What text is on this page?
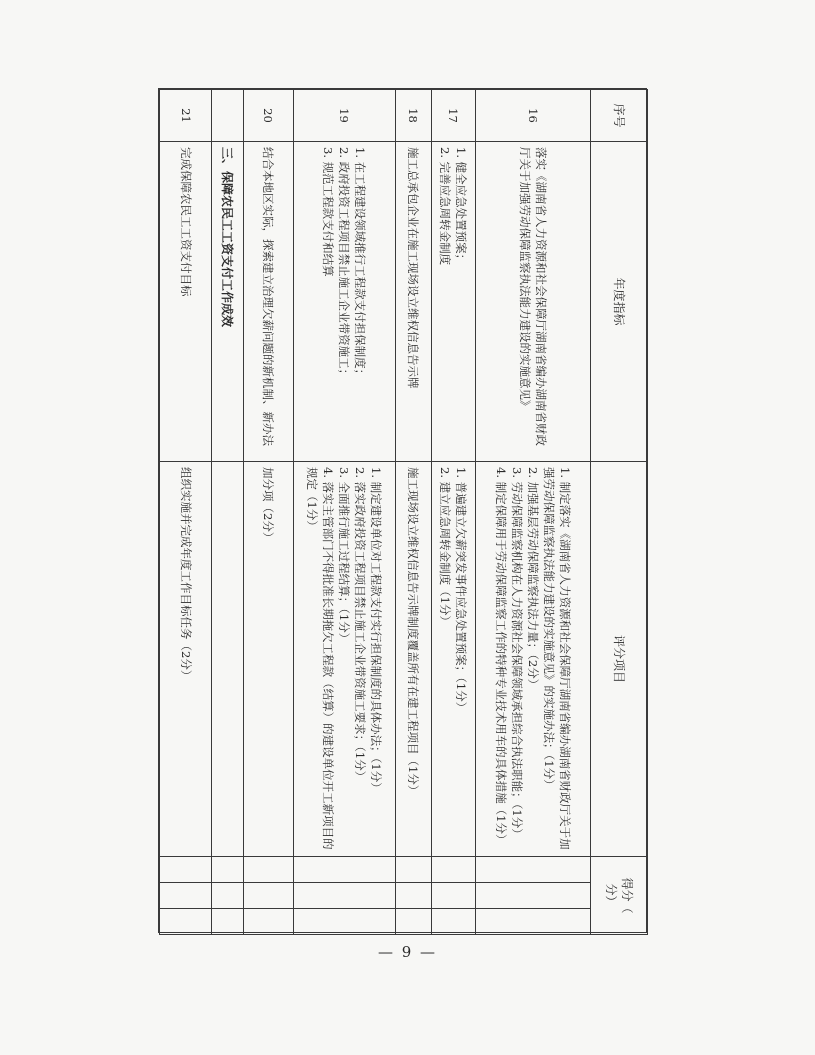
序号	年度指标	评分项目	得分（　　分）		
16	落实《湖南省人力资源和社会保障厅湖南省编办湖南省财政厅关于加强劳动保障监察执法能力建设的实施意见》	1. 制定落实《湖南省人力资源和社会保障厅湖南省编办湖南省财政厅关于加强劳动保障监察执法能力建设的实施意见》的实施办法；（1分）
2. 加强基层劳动保障监察执法力量；（2分）
3. 劳动保障监察机构在人力资源社会保障领域承担综合执法职能；（1分）
4. 制定保障用于劳动保障监察工作的特种专业技术用车的具体措施（1分）			

17	1. 健全应急处置预案；
2. 完善应急周转金制度	1. 普遍建立欠薪突发事件应急处置预案；（1分）
2. 建立应急周转金制度（1分）			

18	施工总承包企业在施工现场设立维权信息告示牌	施工现场设立维权信息告示牌制度覆盖所有在建工程项目（1分）			
19	1. 在工程建设领域推行工程款支付担保制度；
2. 政府投资工程项目禁止施工企业带资施工；
3. 规范工程款支付和结算	1. 制定建设单位对工程款支付实行担保制度的具体办法；（1分）
2. 落实政府投资工程项目禁止施工企业带资施工要求；（1分）
3. 全面推行施工过程结算；（1分）
4. 落实主管部门不得批准长期拖欠工程款（结算）的建设单位开工新项目的规定（1分）			

20	结合本地区实际，探索建立治理欠薪问题的新机制、新办法	加分项（2分）			
	三、保障农民工工资支付工作成效				
21	完成保障农民工工资支付目标	组织实施并完成年度工作目标任务（2分）			
— 9 —
